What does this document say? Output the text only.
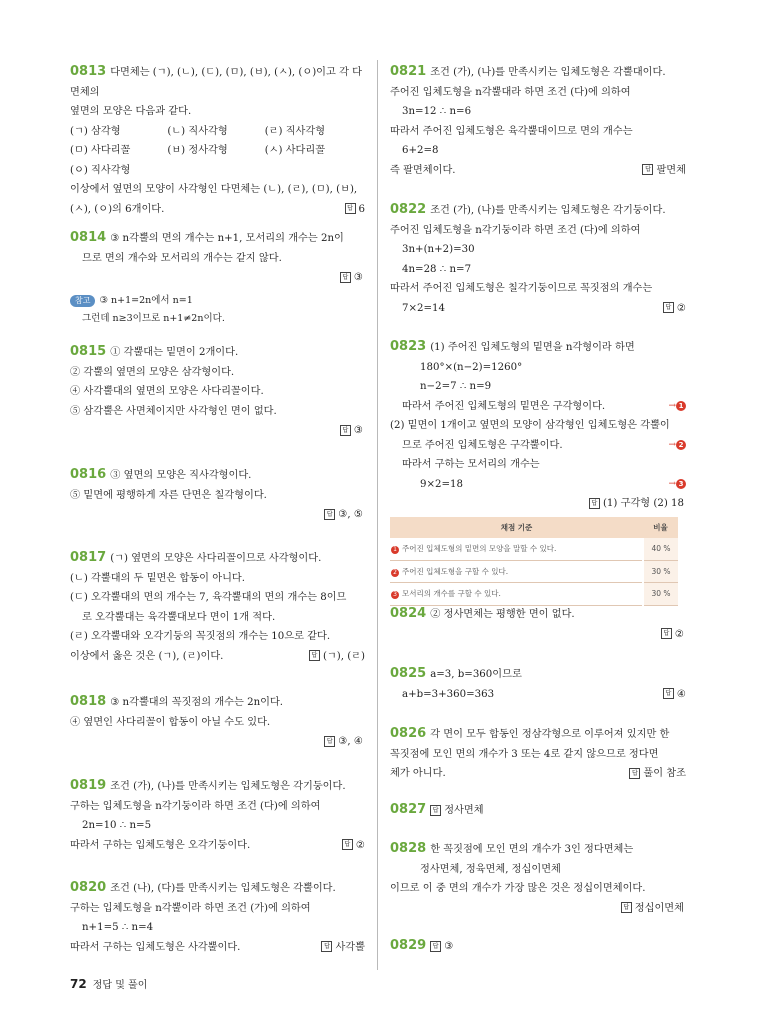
0813 다면체는 (ㄱ), (ㄴ), (ㄷ), (ㅁ), (ㅂ), (ㅅ), (ㅇ)이고 각 다면체의
옆면의 모양은 다음과 같다.
(ㄱ) 삼각형	(ㄴ) 직사각형	(ㄹ) 직사각형
(ㅁ) 사다리꼴	(ㅂ) 정사각형	(ㅅ) 사다리꼴
(ㅇ) 직사각형
이상에서 옆면의 모양이 사각형인 다면체는 (ㄴ), (ㄹ), (ㅁ), (ㅂ),
(ㅅ), (ㅇ)의 6개이다.	답 6
0814 ③ n각뿔의 면의 개수는 n+1, 모서리의 개수는 2n이
므로 면의 개수와 모서리의 개수는 같지 않다.
답 ③
참고 ③ n+1=2n에서 n=1
그런데 n≥3이므로 n+1≠2n이다.
0815 ① 각뿔대는 밑면이 2개이다.
② 각뿔의 옆면의 모양은 삼각형이다.
④ 사각뿔대의 옆면의 모양은 사다리꼴이다.
⑤ 삼각뿔은 사면체이지만 사각형인 면이 없다.
답 ③
0816 ③ 옆면의 모양은 직사각형이다.
⑤ 밑면에 평행하게 자른 단면은 칠각형이다.
답 ③, ⑤
0817 (ㄱ) 옆면의 모양은 사다리꼴이므로 사각형이다.
(ㄴ) 각뿔대의 두 밑면은 합동이 아니다.
(ㄷ) 오각뿔대의 면의 개수는 7, 육각뿔대의 면의 개수는 8이므
로 오각뿔대는 육각뿔대보다 면이 1개 적다.
(ㄹ) 오각뿔대와 오각기둥의 꼭짓점의 개수는 10으로 같다.
이상에서 옳은 것은 (ㄱ), (ㄹ)이다.	답 (ㄱ), (ㄹ)
0818 ③ n각뿔대의 꼭짓점의 개수는 2n이다.
④ 옆면인 사다리꼴이 합동이 아닐 수도 있다.
답 ③, ④
0819 조건 (가), (나)를 만족시키는 입체도형은 각기둥이다.
구하는 입체도형을 n각기둥이라 하면 조건 (다)에 의하여
2n=10 ∴ n=5
따라서 구하는 입체도형은 오각기둥이다.	답 ②
0820 조건 (나), (다)를 만족시키는 입체도형은 각뿔이다.
구하는 입체도형을 n각뿔이라 하면 조건 (가)에 의하여
n+1=5 ∴ n=4
따라서 구하는 입체도형은 사각뿔이다.	답 사각뿔
0821 조건 (가), (나)를 만족시키는 입체도형은 각뿔대이다.
주어진 입체도형을 n각뿔대라 하면 조건 (다)에 의하여
3n=12 ∴ n=6
따라서 주어진 입체도형은 육각뿔대이므로 면의 개수는
6+2=8
즉 팔면체이다.	답 팔면체
0822 조건 (가), (나)를 만족시키는 입체도형은 각기둥이다.
주어진 입체도형을 n각기둥이라 하면 조건 (다)에 의하여
3n+(n+2)=30
4n=28 ∴ n=7
따라서 주어진 입체도형은 칠각기둥이므로 꼭짓점의 개수는
7×2=14	답 ②
0823 (1) 주어진 입체도형의 밑면을 n각형이라 하면
180°×(n−2)=1260°
n−2=7 ∴ n=9
따라서 주어진 입체도형의 밑면은 구각형이다.	→ 1
(2) 밑면이 1개이고 옆면의 모양이 삼각형인 입체도형은 각뿔이
므로 주어진 입체도형은 구각뿔이다.	→ 2
따라서 구하는 모서리의 개수는
9×2=18	→ 3
답 (1) 구각형 (2) 18
채점 기준	비율
1 주어진 입체도형의 밑면의 모양을 말할 수 있다.	40 %
2 주어진 입체도형을 구할 수 있다.	30 %
3 모서리의 개수를 구할 수 있다.	30 %
0824 ② 정사면체는 평행한 면이 없다.
답 ②
0825 a=3, b=360이므로
a+b=3+360=363	답 ④
0826 각 면이 모두 합동인 정삼각형으로 이루어져 있지만 한
꼭짓점에 모인 면의 개수가 3 또는 4로 같지 않으므로 정다면
체가 아니다.	답 풀이 참조
0827 답 정사면체
0828 한 꼭짓점에 모인 면의 개수가 3인 정다면체는
정사면체, 정육면체, 정십이면체
이므로 이 중 면의 개수가 가장 많은 것은 정십이면체이다.
답 정십이면체
0829 답 ③
72 정답 및 풀이
